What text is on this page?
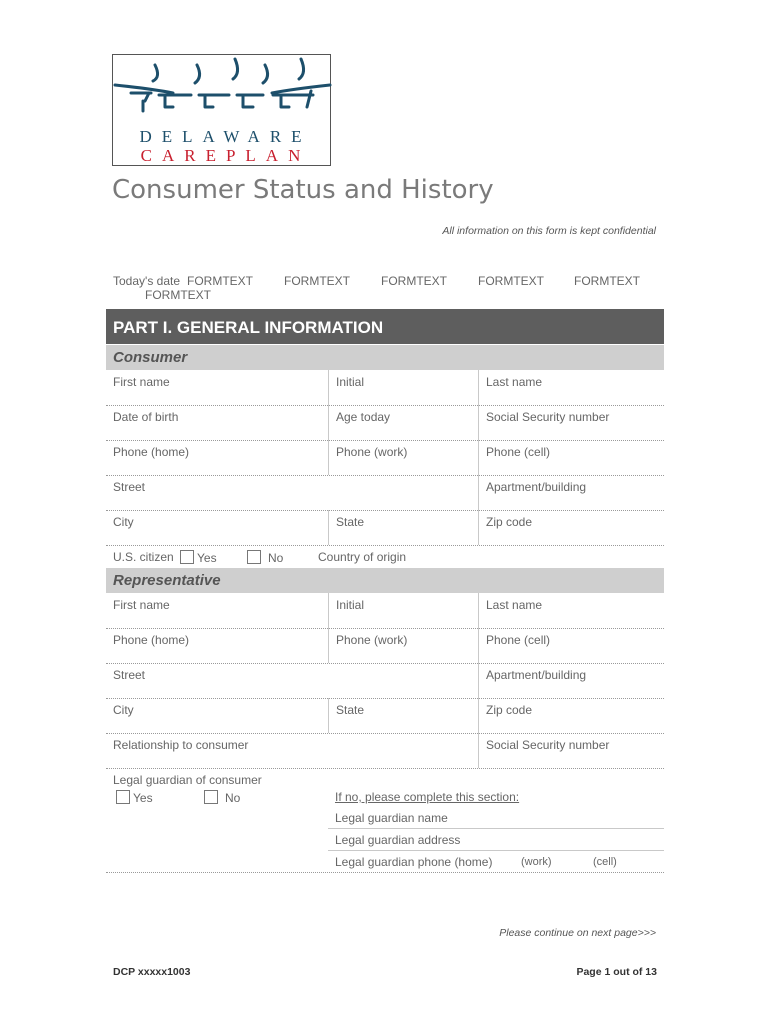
DELAWARE
CAREPLAN
Consumer Status and History
All information on this form is kept confidential
Today's date FORMTEXT	FORMTEXT	FORMTEXT	FORMTEXT	FORMTEXT
FORMTEXT
PART I. GENERAL INFORMATION
Consumer
First name	Initial	Last name
Date of birth	Age today	Social Security number
Phone (home)	Phone (work)	Phone (cell)
Street	Apartment/building
City	State	Zip code
U.S. citizen	Yes	No	Country of origin
Representative
First name	Initial	Last name
Phone (home)	Phone (work)	Phone (cell)
Street	Apartment/building
City	State	Zip code
Relationship to consumer	Social Security number
Legal guardian of consumer
Yes	No	If no, please complete this section:
Legal guardian name
Legal guardian address
Legal guardian phone (home)	(work)	(cell)
Please continue on next page>>>
DCP xxxxx1003	Page 1 out of 13
